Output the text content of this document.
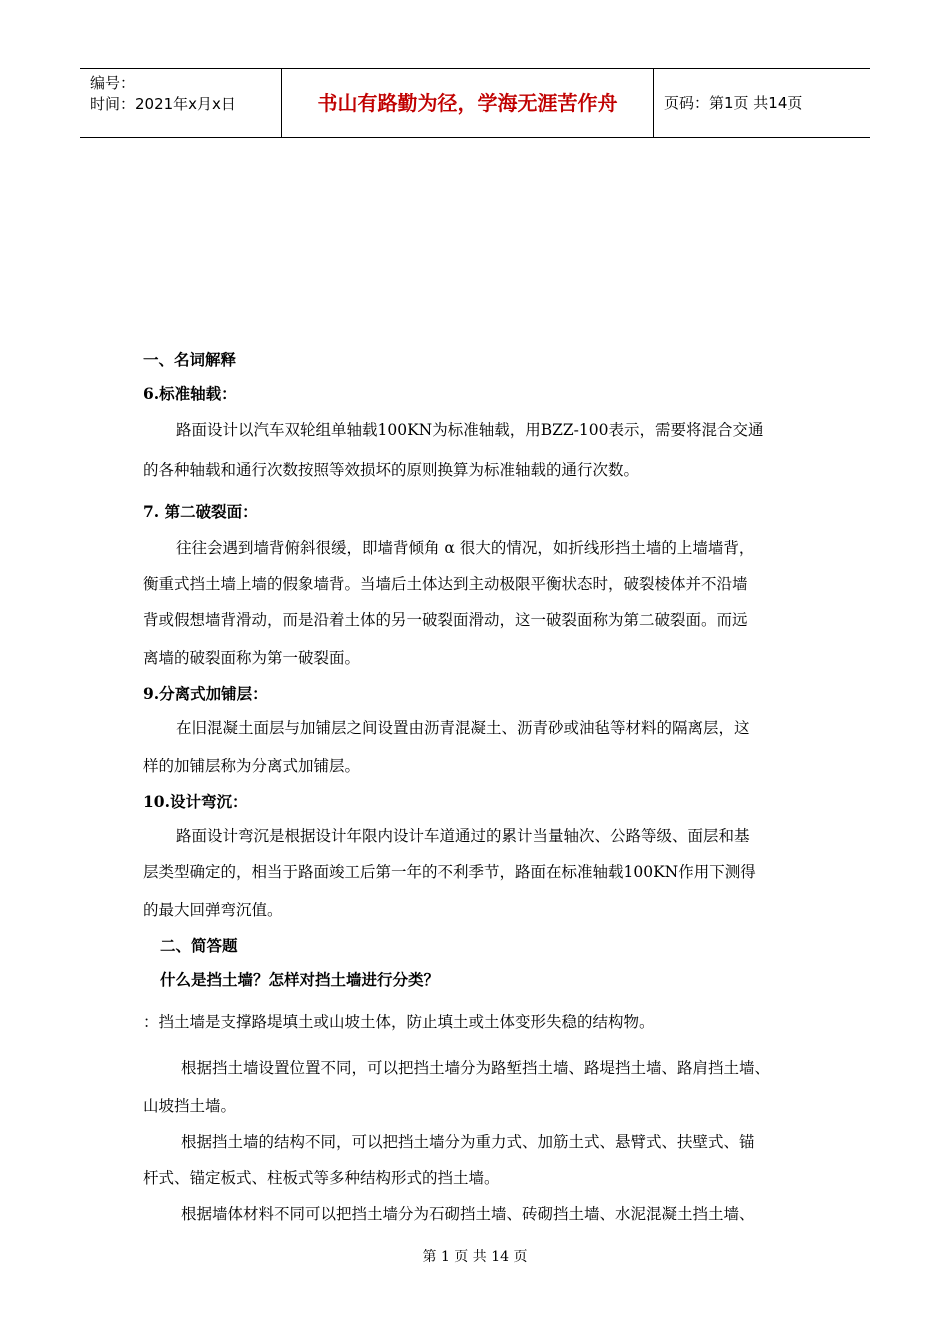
编号：
时间：2021年x月x日	书山有路勤为径，学海无涯苦作舟	页码：第1页 共14页
一、名词解释
6.标准轴载：
路面设计以汽车双轮组单轴载100KN为标准轴载，用BZZ-100表示，需要将混合交通
的各种轴载和通行次数按照等效损坏的原则换算为标准轴载的通行次数。
7. 第二破裂面：
往往会遇到墙背俯斜很缓，即墙背倾角 α 很大的情况，如折线形挡土墙的上墙墙背，
衡重式挡土墙上墙的假象墙背。当墙后土体达到主动极限平衡状态时，破裂棱体并不沿墙
背或假想墙背滑动，而是沿着土体的另一破裂面滑动，这一破裂面称为第二破裂面。而远
离墙的破裂面称为第一破裂面。
9.分离式加铺层：
在旧混凝土面层与加铺层之间设置由沥青混凝土、沥青砂或油毡等材料的隔离层，这
样的加铺层称为分离式加铺层。
10.设计弯沉：
路面设计弯沉是根据设计年限内设计车道通过的累计当量轴次、公路等级、面层和基
层类型确定的，相当于路面竣工后第一年的不利季节，路面在标准轴载100KN作用下测得
的最大回弹弯沉值。
二、简答题
什么是挡土墙？怎样对挡土墙进行分类？
：挡土墙是支撑路堤填土或山坡土体，防止填土或土体变形失稳的结构物。
根据挡土墙设置位置不同，可以把挡土墙分为路堑挡土墙、路堤挡土墙、路肩挡土墙、
山坡挡土墙。
根据挡土墙的结构不同，可以把挡土墙分为重力式、加筋土式、悬臂式、扶壁式、锚
杆式、锚定板式、柱板式等多种结构形式的挡土墙。
根据墙体材料不同可以把挡土墙分为石砌挡土墙、砖砌挡土墙、水泥混凝土挡土墙、
第 1 页 共 14 页
